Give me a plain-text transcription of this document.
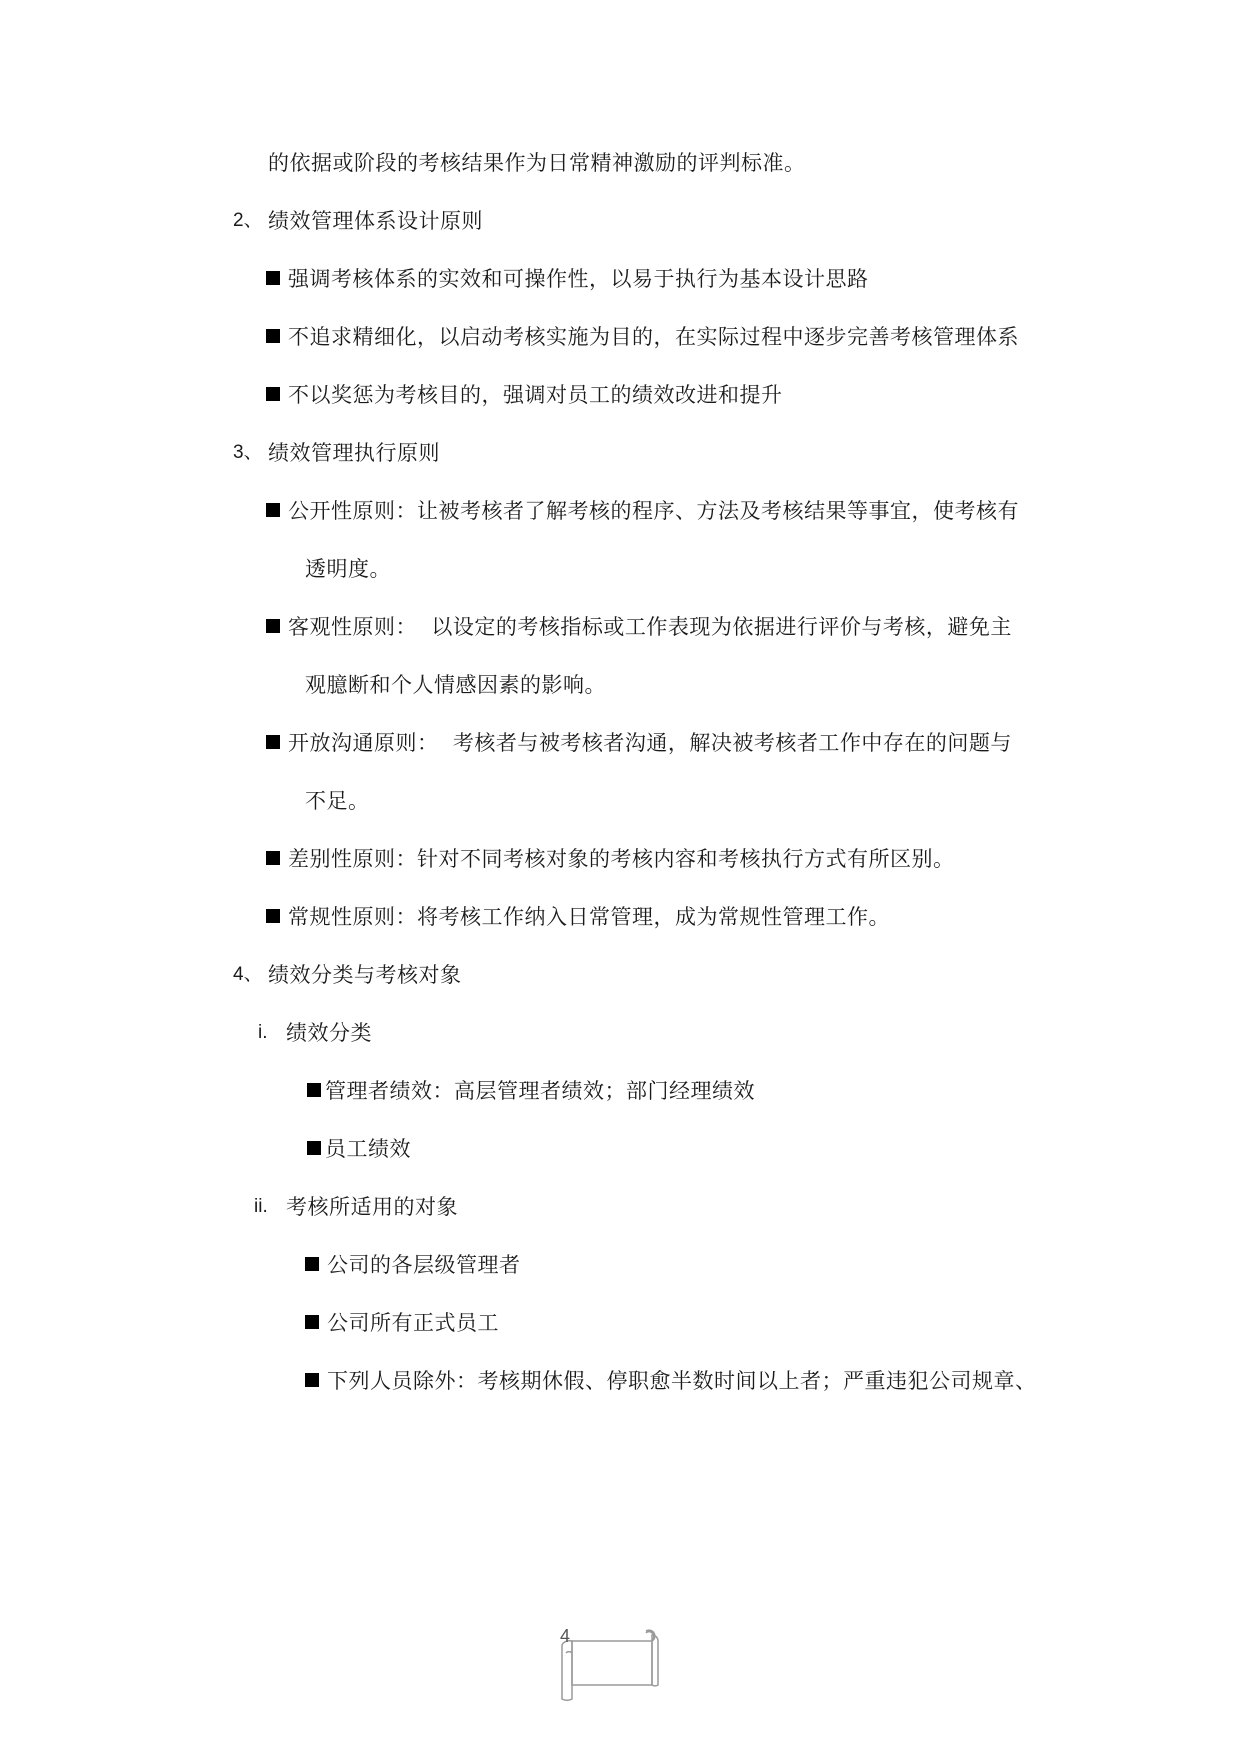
的依据或阶段的考核结果作为日常精神激励的评判标准。
2、 绩效管理体系设计原则
强调考核体系的实效和可操作性，以易于执行为基本设计思路
不追求精细化，以启动考核实施为目的，在实际过程中逐步完善考核管理体系
不以奖惩为考核目的，强调对员工的绩效改进和提升
3、 绩效管理执行原则
公开性原则：让被考核者了解考核的程序、方法及考核结果等事宜，使考核有
透明度。
客观性原则：  以设定的考核指标或工作表现为依据进行评价与考核，避免主
观臆断和个人情感因素的影响。
开放沟通原则：  考核者与被考核者沟通，解决被考核者工作中存在的问题与
不足。
差别性原则：针对不同考核对象的考核内容和考核执行方式有所区别。
常规性原则：将考核工作纳入日常管理，成为常规性管理工作。
4、 绩效分类与考核对象
i. 绩效分类
管理者绩效：高层管理者绩效；部门经理绩效
员工绩效
ii. 考核所适用的对象
公司的各层级管理者
公司所有正式员工
下列人员除外：考核期休假、停职愈半数时间以上者；严重违犯公司规章、
4
